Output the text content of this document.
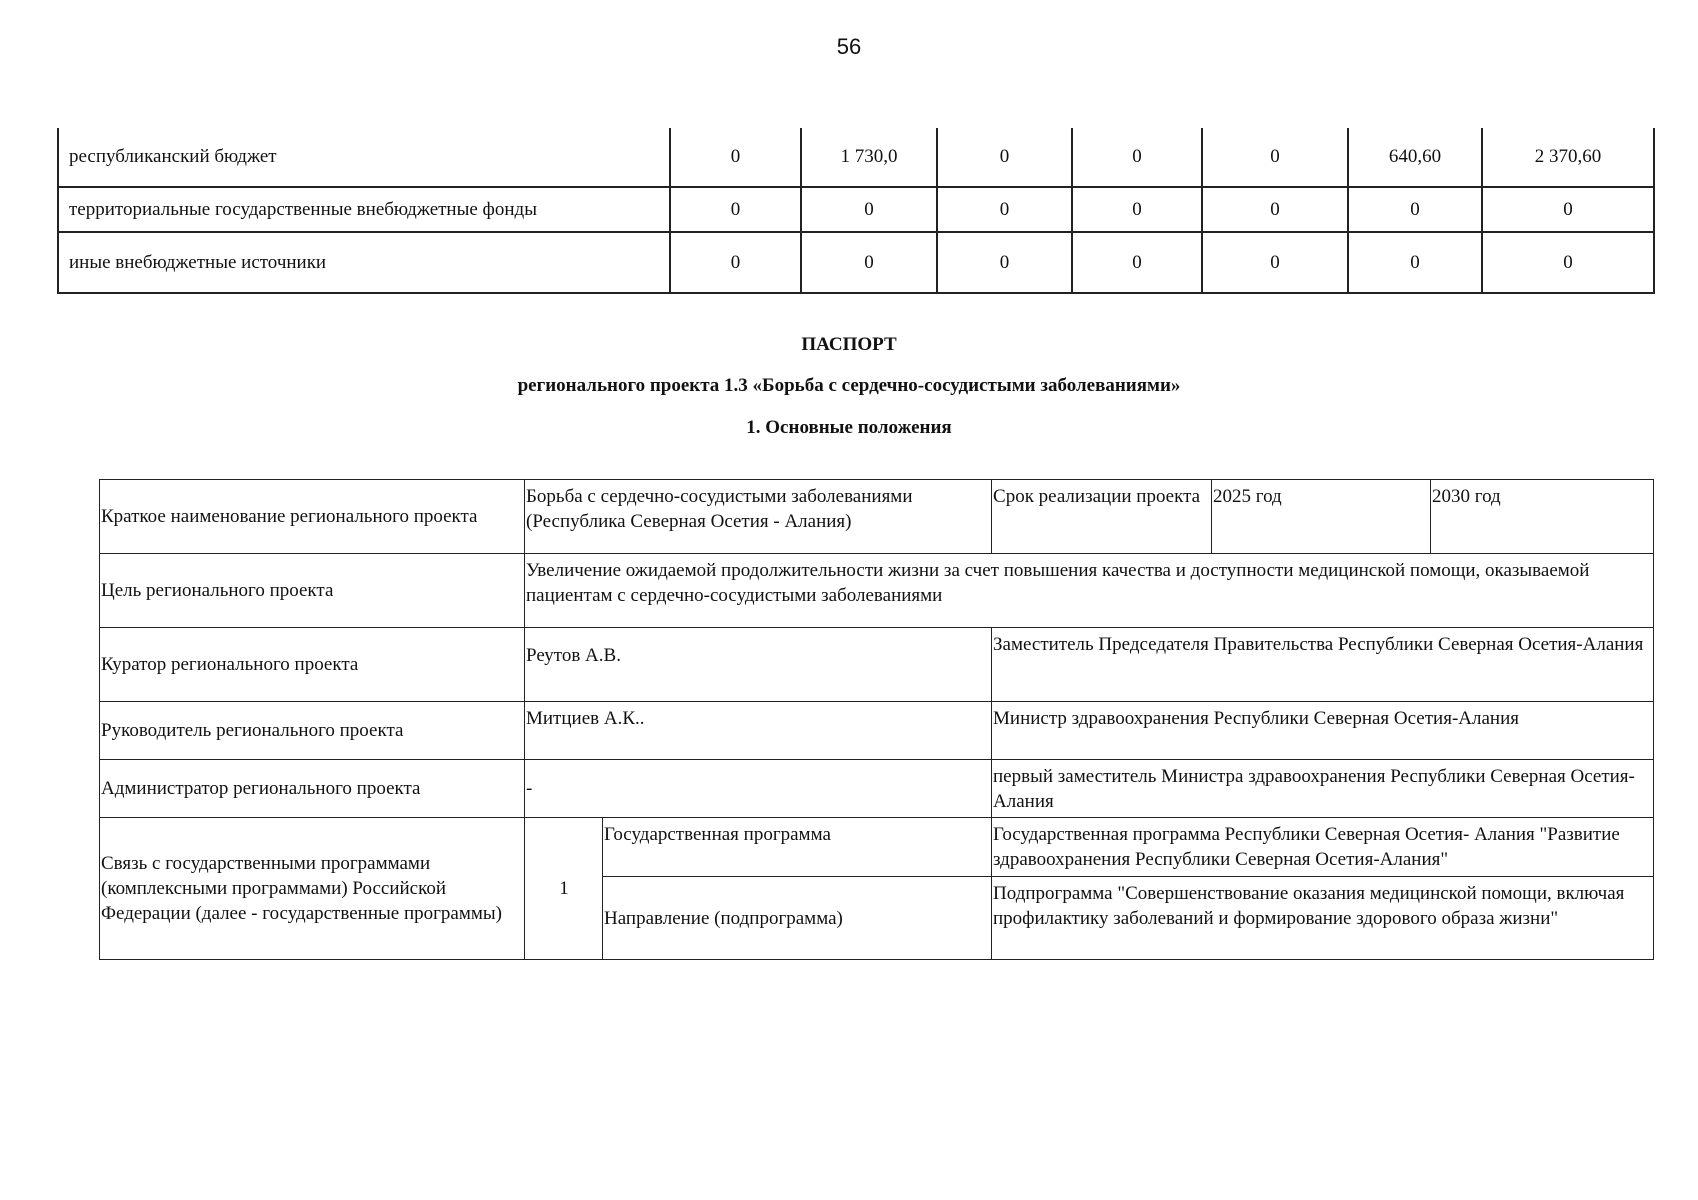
56
республиканский бюджет	0	1 730,0	0	0	0	640,60	2 370,60
территориальные государственные внебюджетные фонды	0	0	0	0	0	0	0
иные внебюджетные источники	0	0	0	0	0	0	0
ПАСПОРТ
регионального проекта 1.3 «Борьба с сердечно-сосудистыми заболеваниями»
1. Основные положения
Краткое наименование регионального проекта	Борьба с сердечно-сосудистыми заболеваниями (Республика Северная Осетия - Алания)		Срок реализации проекта	2025 год	2030 год
Цель регионального проекта	Увеличение ожидаемой продолжительности жизни за счет повышения качества и доступности медицинской помощи, оказываемой пациентам с сердечно-сосудистыми заболеваниями				
Куратор регионального проекта	Реутов А.В.		Заместитель Председателя Правительства Республики Северная Осетия-Алания		
Руководитель регионального проекта	Митциев А.К..		Министр здравоохранения Республики Северная Осетия-Алания		
Администратор регионального проекта	-		первый заместитель Министра здравоохранения Республики Северная Осетия-Алания		
Связь с государственными программами (комплексными программами) Российской Федерации (далее - государственные программы)	1	Государственная программа	Государственная программа Республики Северная Осетия- Алания "Развитие здравоохранения Республики Северная Осетия-Алания"		
		Направление (подпрограмма)	Подпрограмма "Совершенствование оказания медицинской помощи, включая профилактику заболеваний и формирование здорового образа жизни"		
